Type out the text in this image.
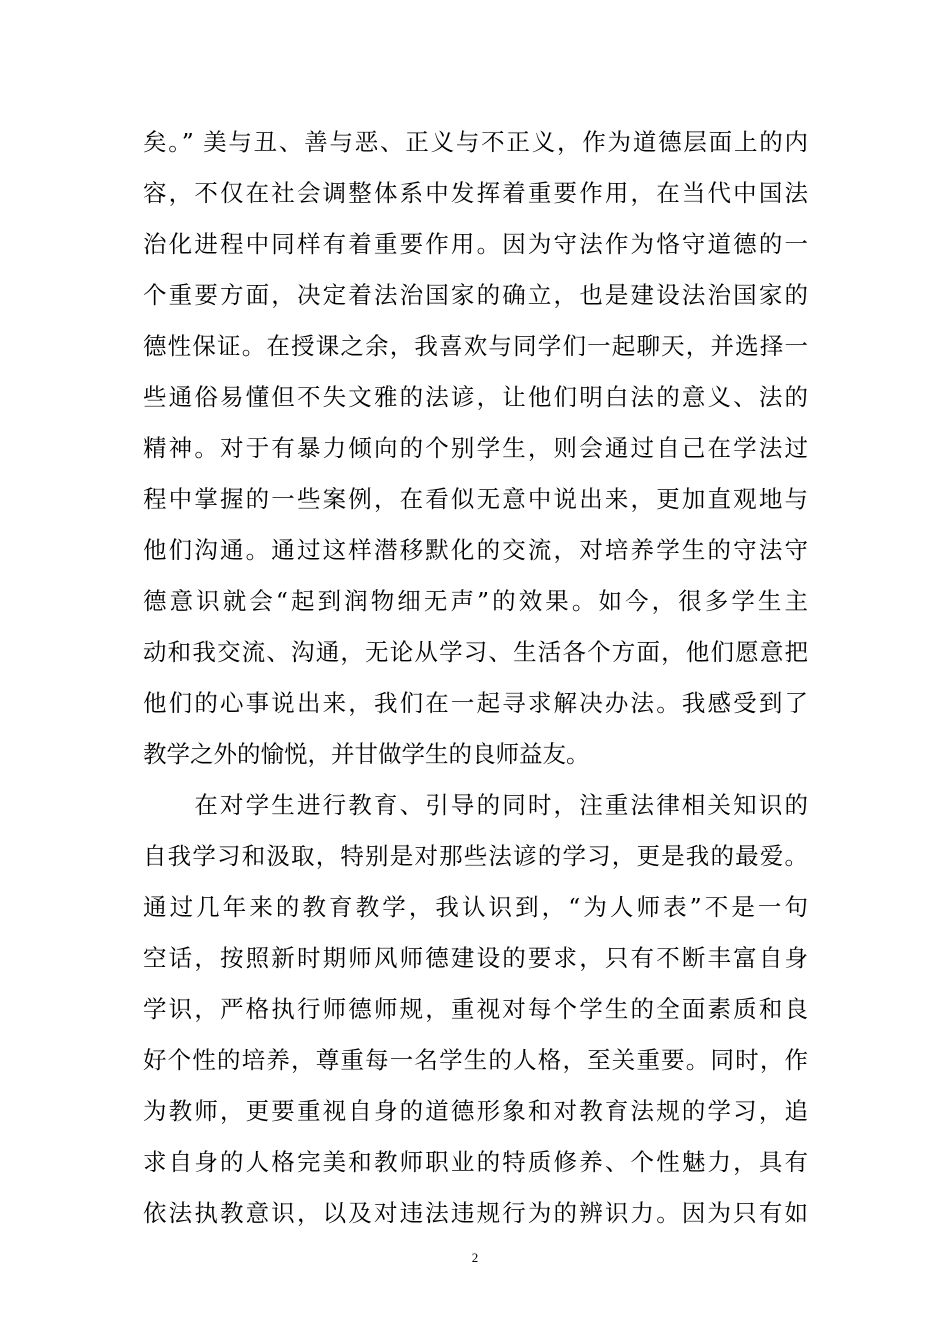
矣。” 美与丑、善与恶、正义与不正义，作为道德层面上的内
容，不仅在社会调整体系中发挥着重要作用，在当代中国法
治化进程中同样有着重要作用。因为守法作为恪守道德的一
个重要方面，决定着法治国家的确立，也是建设法治国家的
德性保证。在授课之余，我喜欢与同学们一起聊天，并选择一
些通俗易懂但不失文雅的法谚，让他们明白法的意义、法的
精神。对于有暴力倾向的个别学生，则会通过自己在学法过
程中掌握的一些案例，在看似无意中说出来，更加直观地与
他们沟通。通过这样潜移默化的交流，对培养学生的守法守
德意识就会“起到润物细无声”的效果。如今，很多学生主
动和我交流、沟通，无论从学习、生活各个方面，他们愿意把
他们的心事说出来，我们在一起寻求解决办法。我感受到了
教学之外的愉悦，并甘做学生的良师益友。
　　在对学生进行教育、引导的同时，注重法律相关知识的
自我学习和汲取，特别是对那些法谚的学习，更是我的最爱。
通过几年来的教育教学，我认识到，“为人师表”不是一句
空话，按照新时期师风师德建设的要求，只有不断丰富自身
学识，严格执行师德师规，重视对每个学生的全面素质和良
好个性的培养，尊重每一名学生的人格，至关重要。同时，作
为教师，更要重视自身的道德形象和对教育法规的学习，追
求自身的人格完美和教师职业的特质修养、个性魅力，具有
依法执教意识，以及对违法违规行为的辨识力。因为只有如
2
